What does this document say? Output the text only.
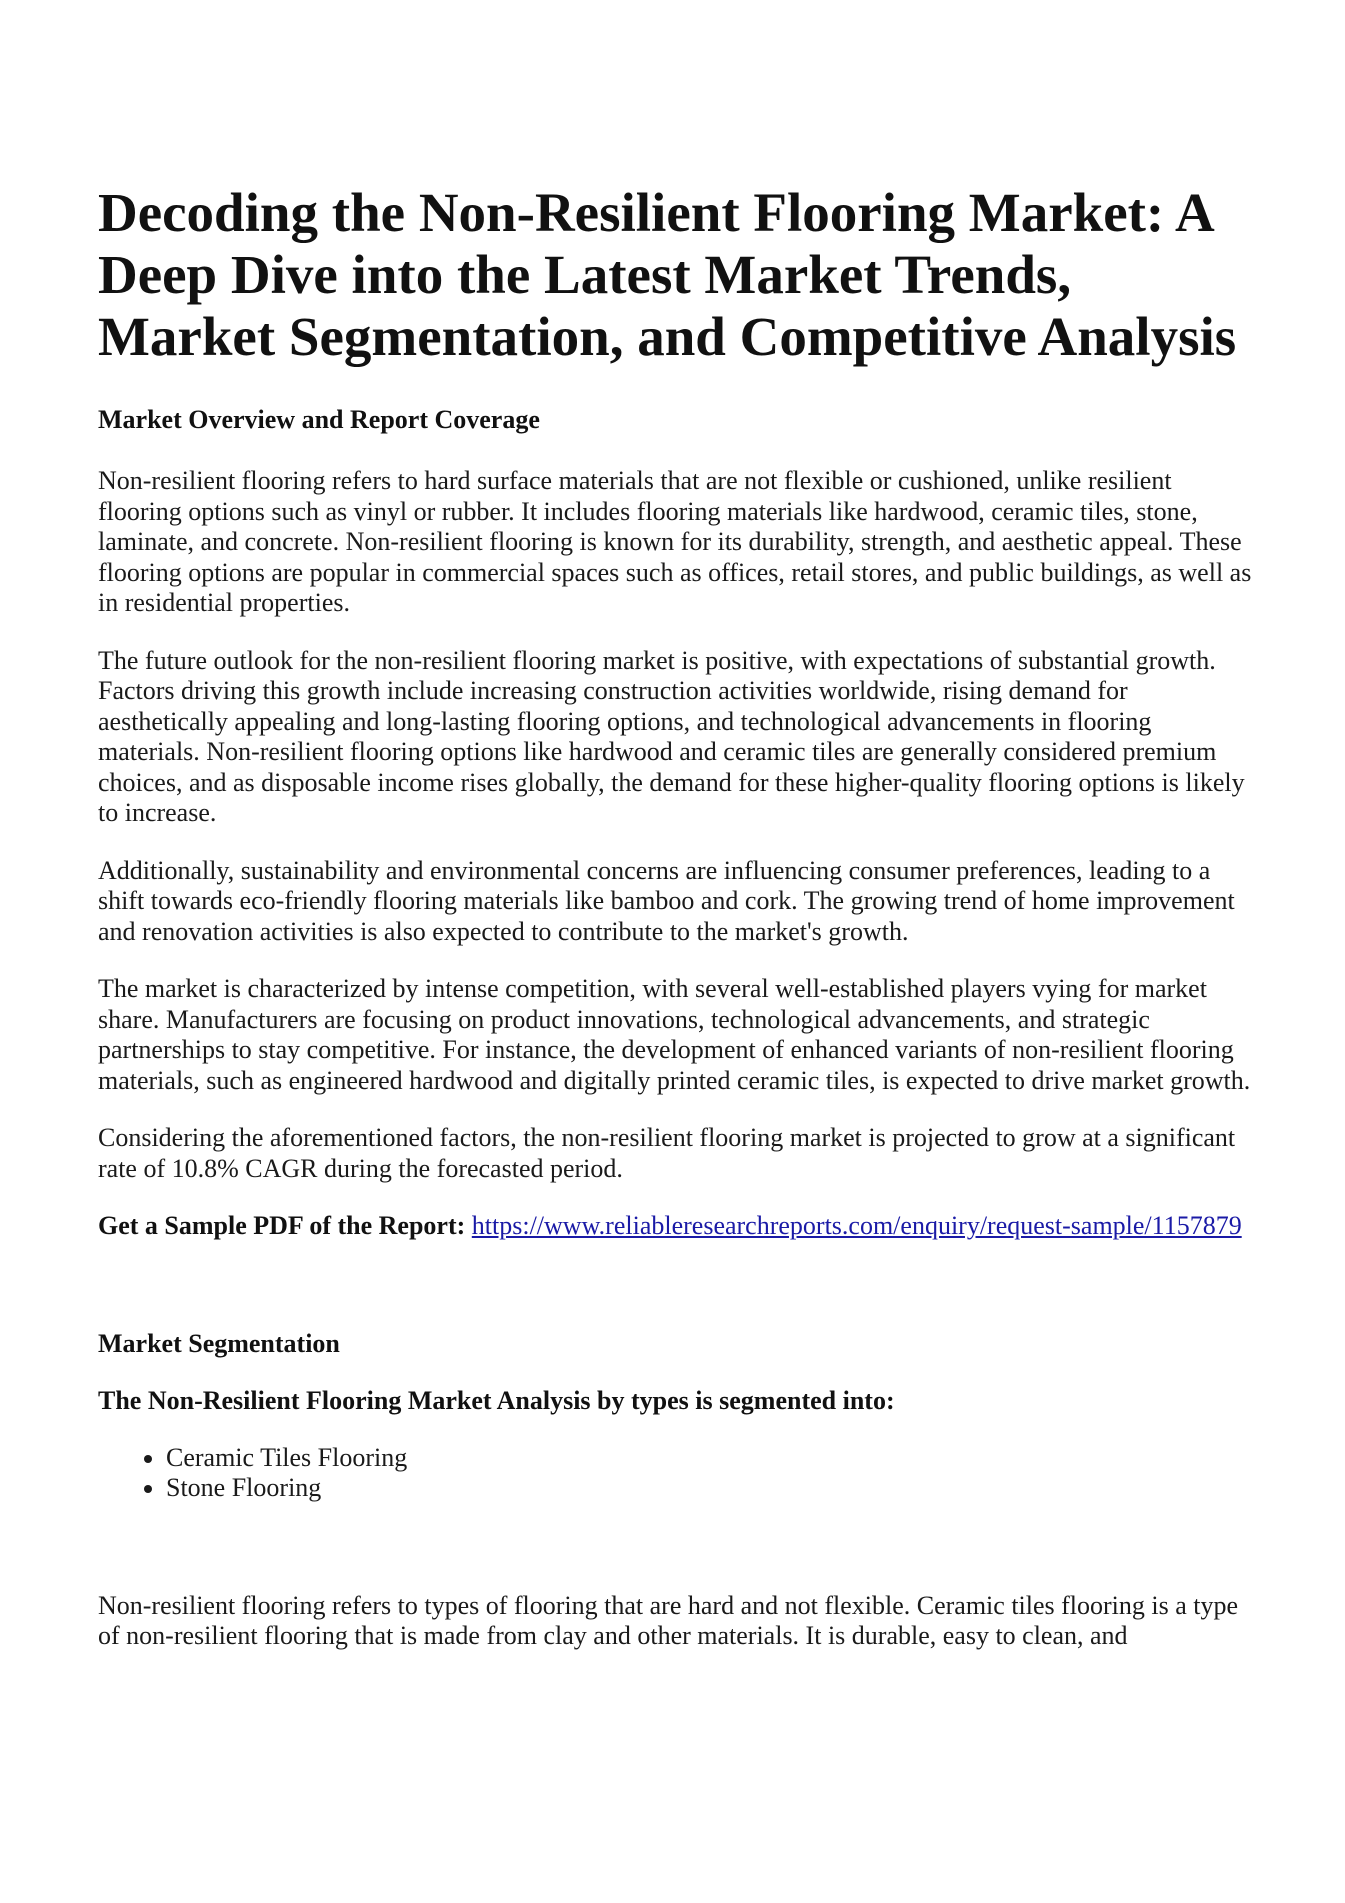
Decoding the Non-Resilient Flooring Market: A Deep Dive into the Latest Market Trends, Market Segmentation, and Competitive Analysis
Market Overview and Report Coverage

Non-resilient flooring refers to hard surface materials that are not flexible or cushioned, unlike resilient flooring options such as vinyl or rubber. It includes flooring materials like hardwood, ceramic tiles, stone, laminate, and concrete. Non-resilient flooring is known for its durability, strength, and aesthetic appeal. These flooring options are popular in commercial spaces such as offices, retail stores, and public buildings, as well as in residential properties.

The future outlook for the non-resilient flooring market is positive, with expectations of substantial growth. Factors driving this growth include increasing construction activities worldwide, rising demand for aesthetically appealing and long-lasting flooring options, and technological advancements in flooring materials. Non-resilient flooring options like hardwood and ceramic tiles are generally considered premium choices, and as disposable income rises globally, the demand for these higher-quality flooring options is likely to increase.

Additionally, sustainability and environmental concerns are influencing consumer preferences, leading to a shift towards eco-friendly flooring materials like bamboo and cork. The growing trend of home improvement and renovation activities is also expected to contribute to the market's growth.

The market is characterized by intense competition, with several well-established players vying for market share. Manufacturers are focusing on product innovations, technological advancements, and strategic partnerships to stay competitive. For instance, the development of enhanced variants of non-resilient flooring materials, such as engineered hardwood and digitally printed ceramic tiles, is expected to drive market growth.

Considering the aforementioned factors, the non-resilient flooring market is projected to grow at a significant rate of 10.8% CAGR during the forecasted period.

Get a Sample PDF of the Report: https://www.reliableresearchreports.com/enquiry/request-sample/1157879

Market Segmentation
The Non-Resilient Flooring Market Analysis by types is segmented into:
• Ceramic Tiles Flooring
• Stone Flooring

Non-resilient flooring refers to types of flooring that are hard and not flexible. Ceramic tiles flooring is a type of non-resilient flooring that is made from clay and other materials. It is durable, easy to clean, and
